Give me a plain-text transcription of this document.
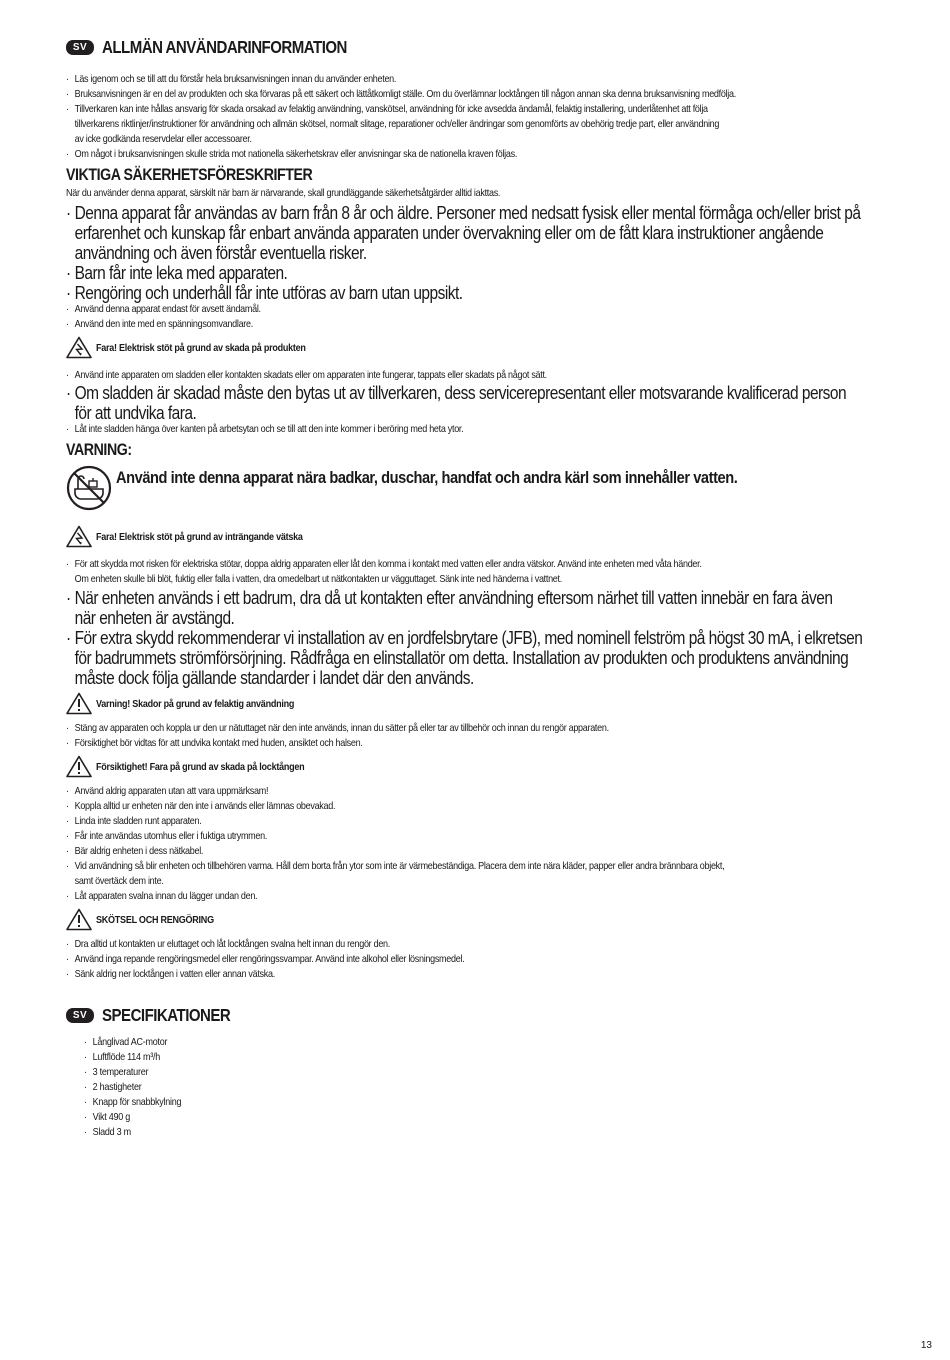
SV ALLMÄN ANVÄNDARINFORMATION
· Läs igenom och se till att du förstår hela bruksanvisningen innan du använder enheten.
· Bruksanvisningen är en del av produkten och ska förvaras på ett säkert och lättåtkomligt ställe. Om du överlämnar locktången till någon annan ska denna bruksanvisning medfölja.
· Tillverkaren kan inte hållas ansvarig för skada orsakad av felaktig användning, vanskötsel, användning för icke avsedda ändamål, felaktig installering, underlåtenhet att följa
tillverkarens riktlinjer/instruktioner för användning och allmän skötsel, normalt slitage, reparationer och/eller ändringar som genomförts av obehörig tredje part, eller användning
av icke godkända reservdelar eller accessoarer.
· Om något i bruksanvisningen skulle strida mot nationella säkerhetskrav eller anvisningar ska de nationella kraven följas.
VIKTIGA SÄKERHETSFÖRESKRIFTER
När du använder denna apparat, särskilt när barn är närvarande, skall grundläggande säkerhetsåtgärder alltid iakttas.
· Denna apparat får användas av barn från 8 år och äldre. Personer med nedsatt fysisk eller mental förmåga och/eller brist på
erfarenhet och kunskap får enbart använda apparaten under övervakning eller om de fått klara instruktioner angående
användning och även förstår eventuella risker.
· Barn får inte leka med apparaten.
· Rengöring och underhåll får inte utföras av barn utan uppsikt.
· Använd denna apparat endast för avsett ändamål.
· Använd den inte med en spänningsomvandlare.
Fara! Elektrisk stöt på grund av skada på produkten
· Använd inte apparaten om sladden eller kontakten skadats eller om apparaten inte fungerar, tappats eller skadats på något sätt.
· Om sladden är skadad måste den bytas ut av tillverkaren, dess servicerepresentant eller motsvarande kvalificerad person
för att undvika fara.
· Låt inte sladden hänga över kanten på arbetsytan och se till att den inte kommer i beröring med heta ytor.
VARNING:
Använd inte denna apparat nära badkar, duschar, handfat och andra kärl som innehåller vatten.
Fara! Elektrisk stöt på grund av inträngande vätska
· För att skydda mot risken för elektriska stötar, doppa aldrig apparaten eller låt den komma i kontakt med vatten eller andra vätskor. Använd inte enheten med våta händer.
Om enheten skulle bli blöt, fuktig eller falla i vatten, dra omedelbart ut nätkontakten ur vägguttaget. Sänk inte ned händerna i vattnet.
· När enheten används i ett badrum, dra då ut kontakten efter användning eftersom närhet till vatten innebär en fara även
när enheten är avstängd.
· För extra skydd rekommenderar vi installation av en jordfelsbrytare (JFB), med nominell felström på högst 30 mA, i elkretsen
för badrummets strömförsörjning. Rådfråga en elinstallatör om detta. Installation av produkten och produktens användning
måste dock följa gällande standarder i landet där den används.
Varning! Skador på grund av felaktig användning
· Stäng av apparaten och koppla ur den ur nätuttaget när den inte används, innan du sätter på eller tar av tillbehör och innan du rengör apparaten.
· Försiktighet bör vidtas för att undvika kontakt med huden, ansiktet och halsen.
Försiktighet! Fara på grund av skada på locktången
· Använd aldrig apparaten utan att vara uppmärksam!
· Koppla alltid ur enheten när den inte i används eller lämnas obevakad.
· Linda inte sladden runt apparaten.
· Får inte användas utomhus eller i fuktiga utrymmen.
· Bär aldrig enheten i dess nätkabel.
· Vid användning så blir enheten och tillbehören varma. Håll dem borta från ytor som inte är värmebeständiga. Placera dem inte nära kläder, papper eller andra brännbara objekt,
samt övertäck dem inte.
· Låt apparaten svalna innan du lägger undan den.
SKÖTSEL OCH RENGÖRING
· Dra alltid ut kontakten ur eluttaget och låt locktången svalna helt innan du rengör den.
· Använd inga repande rengöringsmedel eller rengöringssvampar. Använd inte alkohol eller lösningsmedel.
· Sänk aldrig ner locktången i vatten eller annan vätska.
SV SPECIFIKATIONER
· Långlivad AC-motor
· Luftflöde 114 m³/h
· 3 temperaturer
· 2 hastigheter
· Knapp för snabbkylning
· Vikt 490 g
· Sladd 3 m
13
